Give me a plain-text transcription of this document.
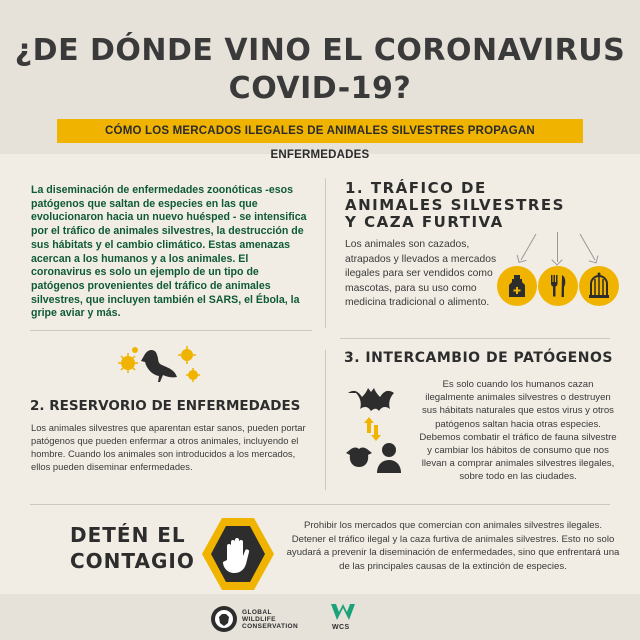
¿DE DÓNDE VINO EL CORONAVIRUS
COVID-19?
CÓMO LOS MERCADOS ILEGALES DE ANIMALES SILVESTRES PROPAGAN ENFERMEDADES
La diseminación de enfermedades zoonóticas -esos patógenos que saltan de especies en las que evolucionaron hacia un nuevo huésped - se intensifica por el tráfico de animales silvestres, la destrucción de sus hábitats y el cambio climático. Estas amenazas acercan a los humanos y a los animales. El coronavirus es solo un ejemplo de un tipo de patógenos provenientes del tráfico de animales silvestres, que incluyen también el SARS, el Ébola, la gripe aviar y más.
1. TRÁFICO DE
ANIMALES SILVESTRES
Y CAZA FURTIVA
Los animales son cazados, atrapados y llevados a mercados ilegales para ser vendidos como mascotas, para su uso como medicina tradicional o alimento.
2. RESERVORIO DE ENFERMEDADES
Los animales silvestres que aparentan estar sanos, pueden portar patógenos que pueden enfermar a otros animales, incluyendo el hombre. Cuando los animales son introducidos a los mercados, ellos pueden diseminar enfermedades.
3. INTERCAMBIO DE PATÓGENOS
Es solo cuando los humanos cazan ilegalmente animales silvestres o destruyen sus hábitats naturales que estos virus y otros patógenos saltan hacia otras especies. Debemos combatir el tráfico de fauna silvestre y cambiar los hábitos de consumo que nos llevan a comprar animales silvestres ilegales, sobre todo en las ciudades.
DETÉN EL
CONTAGIO
Prohibir los mercados que comercian con animales silvestres ilegales. Detener el tráfico ilegal y la caza furtiva de animales silvestres. Esto no solo ayudará a prevenir la diseminación de enfermedades, sino que enfrentará una de las principales causas de la extinción de especies.
GLOBAL
WILDLIFE
CONSERVATION	WCS
